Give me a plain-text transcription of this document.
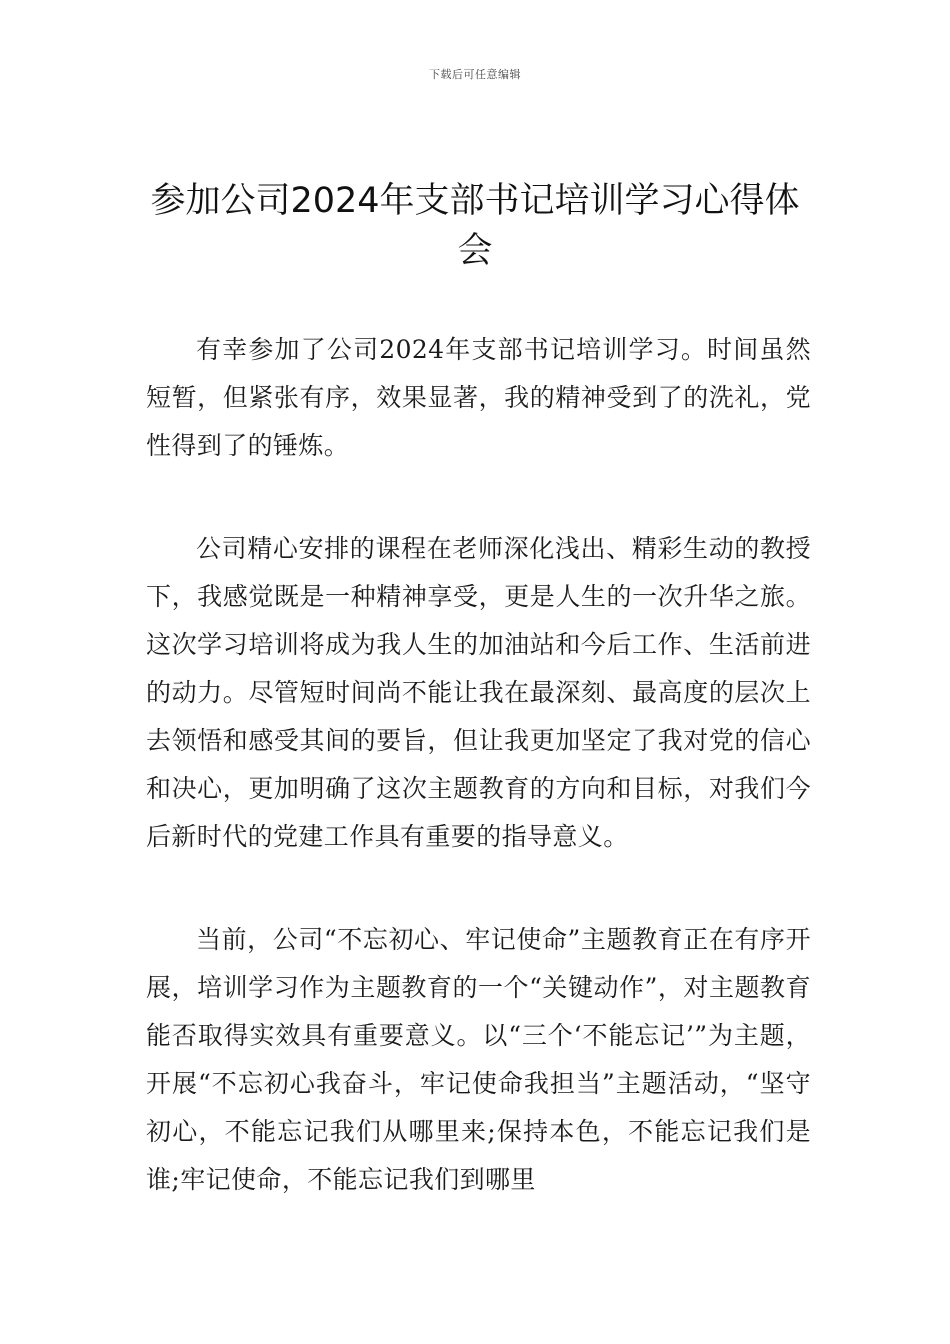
下载后可任意编辑
参加公司2024年支部书记培训学习心得体会

有幸参加了公司2024年支部书记培训学习。时间虽然短暂，但紧张有序，效果显著，我的精神受到了的洗礼，党性得到了的锤炼。

公司精心安排的课程在老师深化浅出、精彩生动的教授下，我感觉既是一种精神享受，更是人生的一次升华之旅。这次学习培训将成为我人生的加油站和今后工作、生活前进的动力。尽管短时间尚不能让我在最深刻、最高度的层次上去领悟和感受其间的要旨，但让我更加坚定了我对党的信心和决心，更加明确了这次主题教育的方向和目标，对我们今后新时代的党建工作具有重要的指导意义。

当前，公司“不忘初心、牢记使命”主题教育正在有序开展，培训学习作为主题教育的一个“关键动作”，对主题教育能否取得实效具有重要意义。以“三个‘不能忘记’”为主题，开展“不忘初心我奋斗，牢记使命我担当”主题活动，“坚守初心，不能忘记我们从哪里来;保持本色，不能忘记我们是谁;牢记使命，不能忘记我们到哪里
